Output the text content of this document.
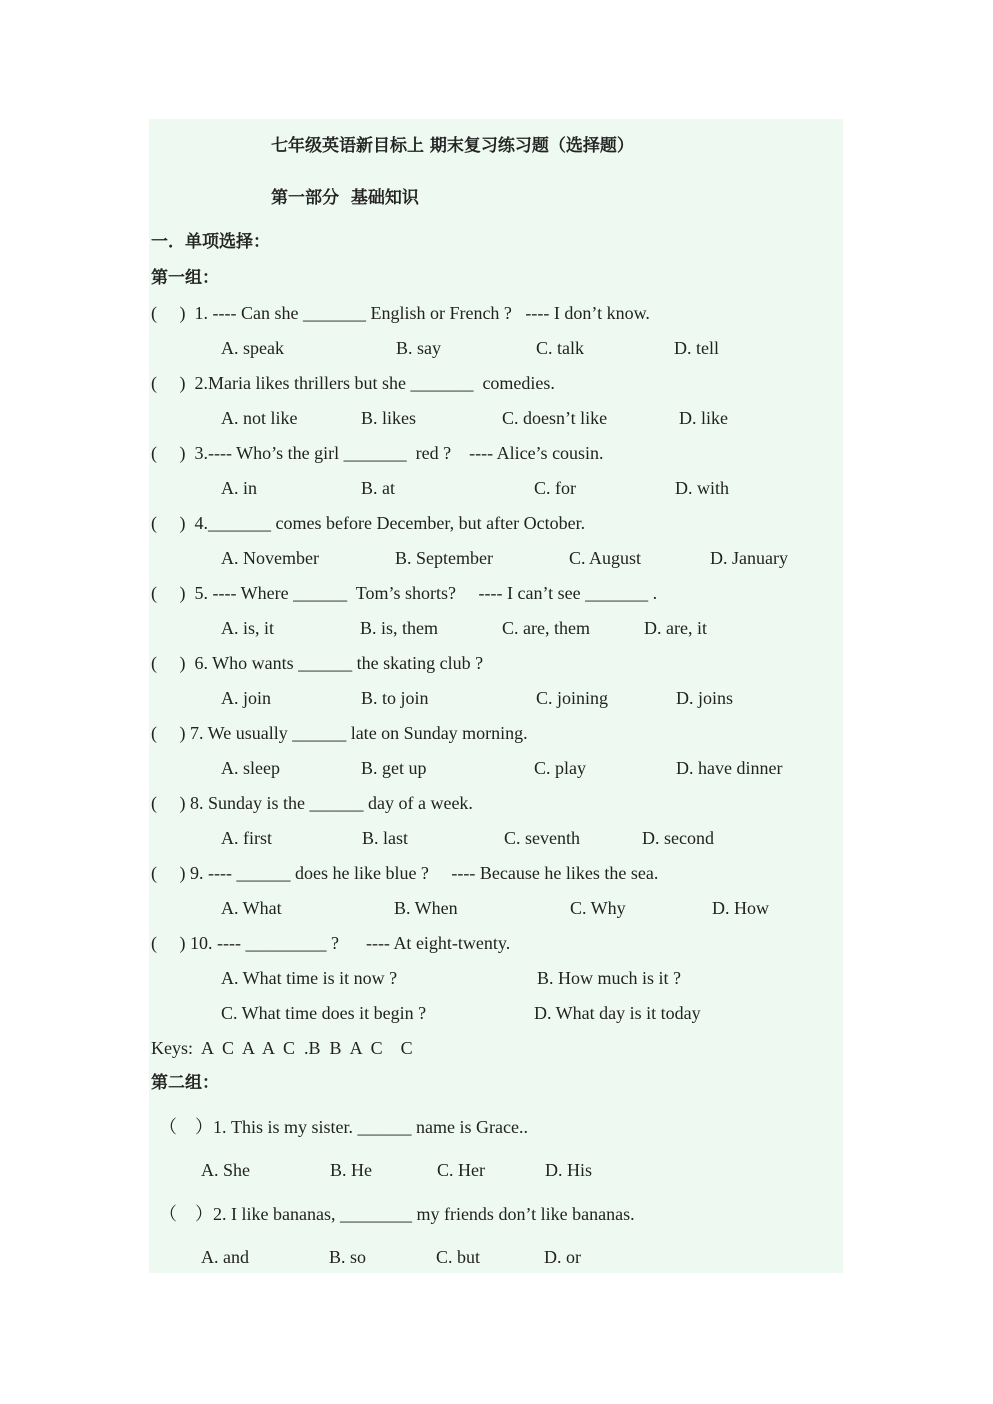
七年级英语新目标上 期末复习练习题（选择题）
第一部分  基础知识
一．单项选择：
第一组：
(     )  1. ---- Can she _______ English or French ?   ---- I don’t know.
A. speak	B. say	C. talk	D. tell
(     )  2.Maria likes thrillers but she _______  comedies.
A. not like	B. likes	C. doesn’t like	D. like
(     )  3.---- Who’s the girl _______  red ?    ---- Alice’s cousin.
A. in	B. at	C. for	D. with
(     )  4._______ comes before December, but after October.
A. November	B. September	C. August	D. January
(     )  5. ---- Where ______  Tom’s shorts?     ---- I can’t see _______ .
A. is, it	B. is, them	C. are, them	D. are, it
(     )  6. Who wants ______ the skating club ?
A. join	B. to join	C. joining	D. joins
(     ) 7. We usually ______ late on Sunday morning.
A. sleep	B. get up	C. play	D. have dinner
(     ) 8. Sunday is the ______ day of a week.
A. first	B. last	C. seventh	D. second
(     ) 9. ---- ______ does he like blue ?     ---- Because he likes the sea.
A. What	B. When	C. Why	D. How
(     ) 10. ---- _________ ?      ---- At eight-twenty.
A. What time is it now ?	B. How much is it ?
C. What time does it begin ?	D. What day is it today
Keys:  A  C  A  A  C  .B  B  A  C    C
第二组：
（    ）1. This is my sister. ______ name is Grace..
A. She	B. He	C. Her	D. His
（    ）2. I like bananas, ________ my friends don’t like bananas.
A. and	B. so	C. but	D. or
